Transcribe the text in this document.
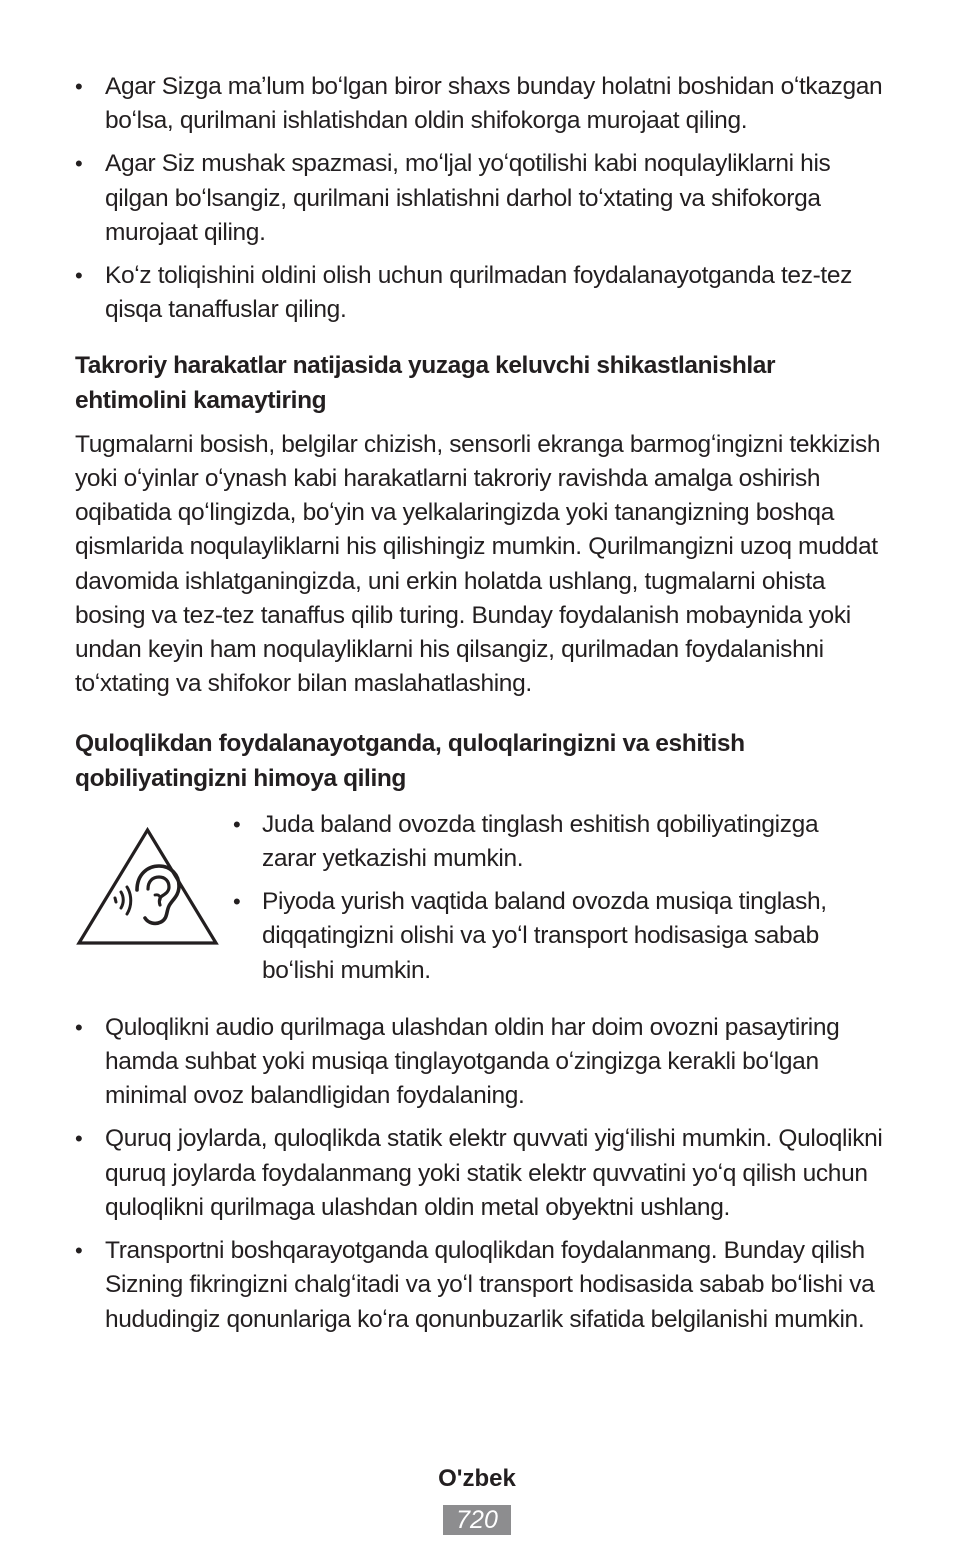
• Agar Sizga maʼlum boʻlgan biror shaxs bunday holatni boshidan oʻtkazgan boʻlsa, qurilmani ishlatishdan oldin shifokorga murojaat qiling.
• Agar Siz mushak spazmasi, moʻljal yoʻqotilishi kabi noqulayliklarni his qilgan boʻlsangiz, qurilmani ishlatishni darhol toʻxtating va shifokorga murojaat qiling.
• Koʻz toliqishini oldini olish uchun qurilmadan foydalanayotganda tez-tez qisqa tanaffuslar qiling.
Takroriy harakatlar natijasida yuzaga keluvchi shikastlanishlar ehtimolini kamaytiring

Tugmalarni bosish, belgilar chizish, sensorli ekranga barmogʻingizni tekkizish yoki oʻyinlar oʻynash kabi harakatlarni takroriy ravishda amalga oshirish oqibatida qoʻlingizda, boʻyin va yelkalaringizda yoki tanangizning boshqa qismlarida noqulayliklarni his qilishingiz mumkin. Qurilmangizni uzoq muddat davomida ishlatganingizda, uni erkin holatda ushlang, tugmalarni ohista bosing va tez-tez tanaffus qilib turing. Bunday foydalanish mobaynida yoki undan keyin ham noqulayliklarni his qilsangiz, qurilmadan foydalanishni toʻxtating va shifokor bilan maslahatlashing.

Quloqlikdan foydalanayotganda, quloqlaringizni va eshitish qobiliyatingizni himoya qiling
• Juda baland ovozda tinglash eshitish qobiliyatingizga zarar yetkazishi mumkin.
• Piyoda yurish vaqtida baland ovozda musiqa tinglash, diqqatingizni olishi va yoʻl transport hodisasiga sabab boʻlishi mumkin.
• Quloqlikni audio qurilmaga ulashdan oldin har doim ovozni pasaytiring hamda suhbat yoki musiqa tinglayotganda oʻzingizga kerakli boʻlgan minimal ovoz balandligidan foydalaning.
• Quruq joylarda, quloqlikda statik elektr quvvati yigʻilishi mumkin. Quloqlikni quruq joylarda foydalanmang yoki statik elektr quvvatini yoʻq qilish uchun quloqlikni qurilmaga ulashdan oldin metal obyektni ushlang.
• Transportni boshqarayotganda quloqlikdan foydalanmang. Bunday qilish Sizning fikringizni chalgʻitadi va yoʻl transport hodisasida sabab boʻlishi va hududingiz qonunlariga koʻra qonunbuzarlik sifatida belgilanishi mumkin.
O'zbek
720
